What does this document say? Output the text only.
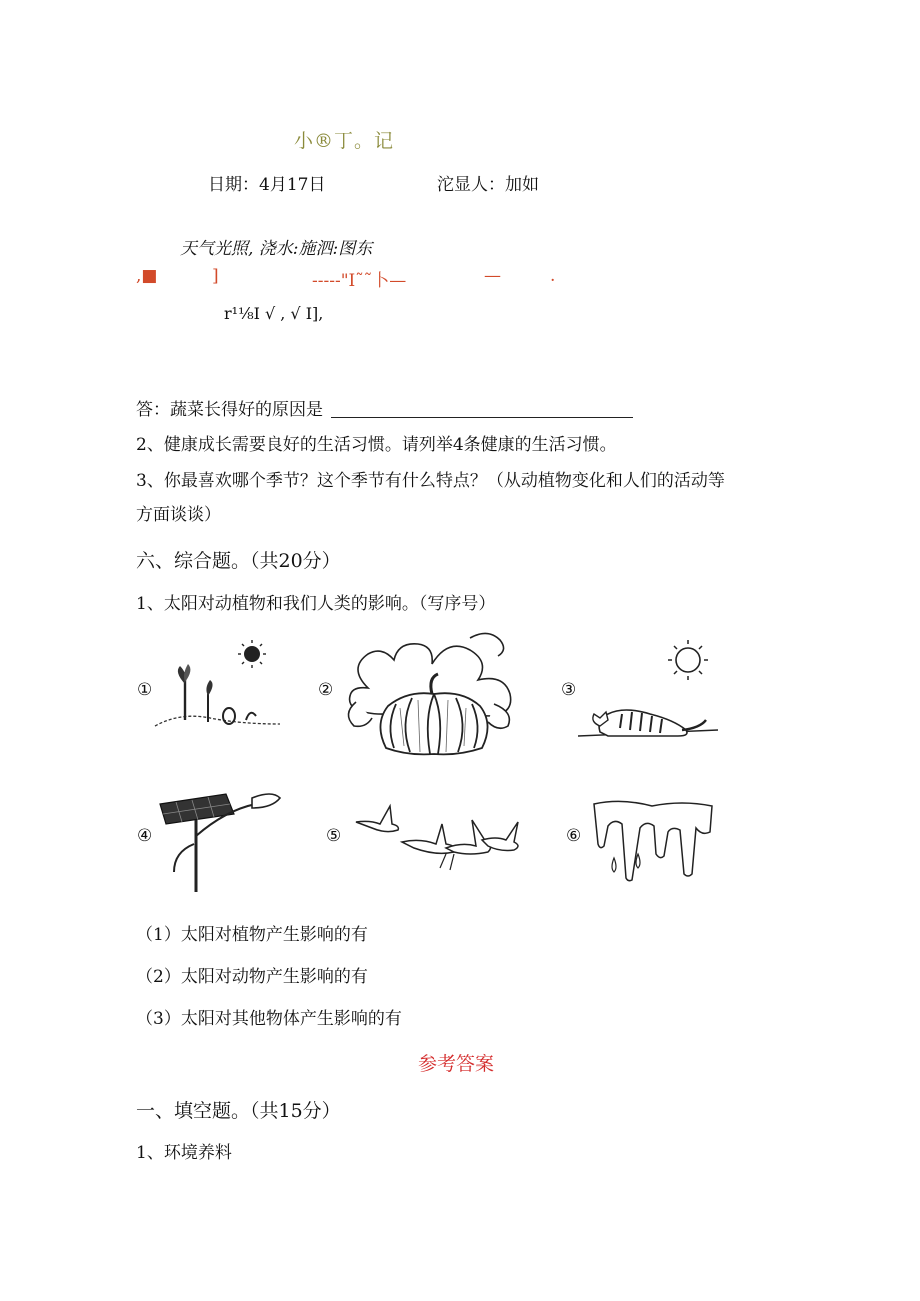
小®丁。记
日期：4月17日	沱显人：加如
天气光照, 浇水:施泗:图东
,■	]	-----"I˜˜卜—	—	.
r¹⅛I √ , √ I],
答：蔬菜长得好的原因是
2、健康成长需要良好的生活习惯。请列举4条健康的生活习惯。
3、你最喜欢哪个季节？这个季节有什么特点？（从动植物变化和人们的活动等
方面谈谈）
六、综合题。（共20分）
1、太阳对动植物和我们人类的影响。（写序号）
①	②	③
④	⑤	⑥
（1）太阳对植物产生影响的有
（2）太阳对动物产生影响的有
（3）太阳对其他物体产生影响的有
参考答案
一、填空题。（共15分）
1、环境养料
